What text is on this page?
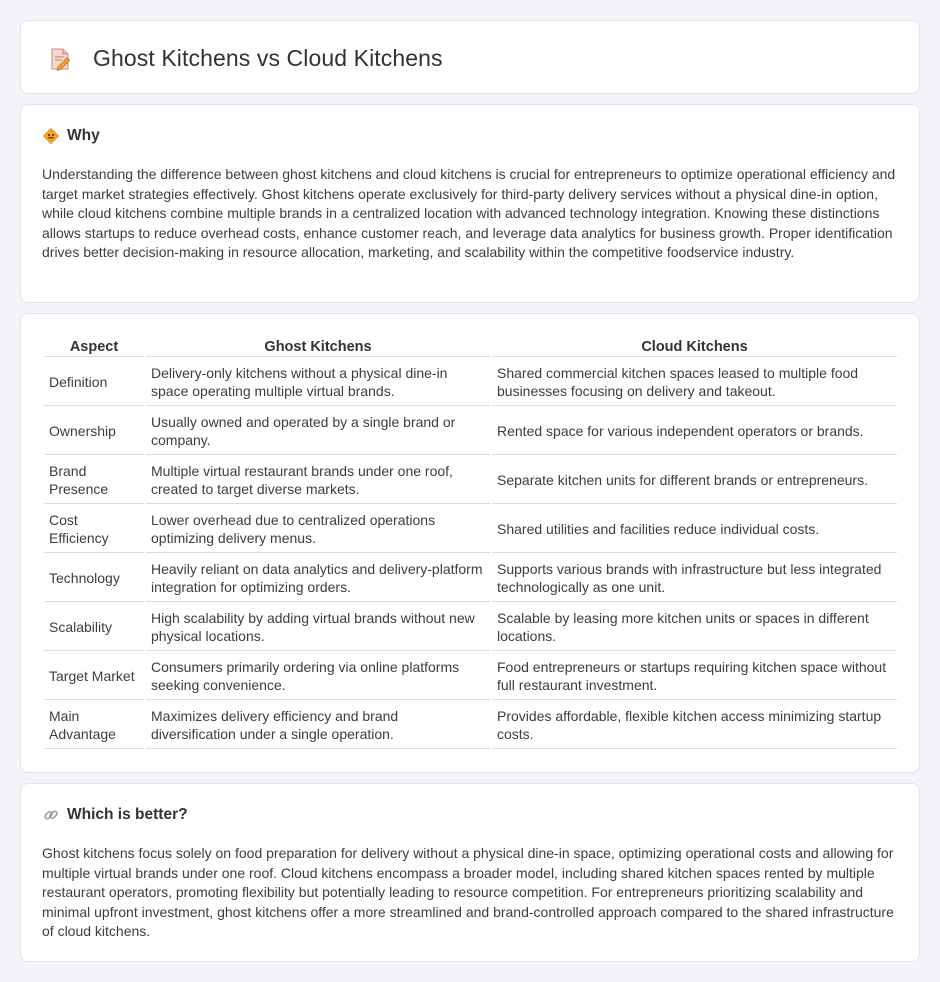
Ghost Kitchens vs Cloud Kitchens
Why

Understanding the difference between ghost kitchens and cloud kitchens is crucial for entrepreneurs to optimize operational efficiency and target market strategies effectively. Ghost kitchens operate exclusively for third-party delivery services without a physical dine-in option, while cloud kitchens combine multiple brands in a centralized location with advanced technology integration. Knowing these distinctions allows startups to reduce overhead costs, enhance customer reach, and leverage data analytics for business growth. Proper identification drives better decision-making in resource allocation, marketing, and scalability within the competitive foodservice industry.

Aspect	Ghost Kitchens	Cloud Kitchens
Definition	Delivery-only kitchens without a physical dine-in space operating multiple virtual brands.	Shared commercial kitchen spaces leased to multiple food businesses focusing on delivery and takeout.
Ownership	Usually owned and operated by a single brand or company.	Rented space for various independent operators or brands.
Brand Presence	Multiple virtual restaurant brands under one roof, created to target diverse markets.	Separate kitchen units for different brands or entrepreneurs.
Cost Efficiency	Lower overhead due to centralized operations optimizing delivery menus.	Shared utilities and facilities reduce individual costs.
Technology	Heavily reliant on data analytics and delivery-platform integration for optimizing orders.	Supports various brands with infrastructure but less integrated technologically as one unit.
Scalability	High scalability by adding virtual brands without new physical locations.	Scalable by leasing more kitchen units or spaces in different locations.
Target Market	Consumers primarily ordering via online platforms seeking convenience.	Food entrepreneurs or startups requiring kitchen space without full restaurant investment.
Main Advantage	Maximizes delivery efficiency and brand diversification under a single operation.	Provides affordable, flexible kitchen access minimizing startup costs.
Which is better?

Ghost kitchens focus solely on food preparation for delivery without a physical dine-in space, optimizing operational costs and allowing for multiple virtual brands under one roof. Cloud kitchens encompass a broader model, including shared kitchen spaces rented by multiple restaurant operators, promoting flexibility but potentially leading to resource competition. For entrepreneurs prioritizing scalability and minimal upfront investment, ghost kitchens offer a more streamlined and brand-controlled approach compared to the shared infrastructure of cloud kitchens.
